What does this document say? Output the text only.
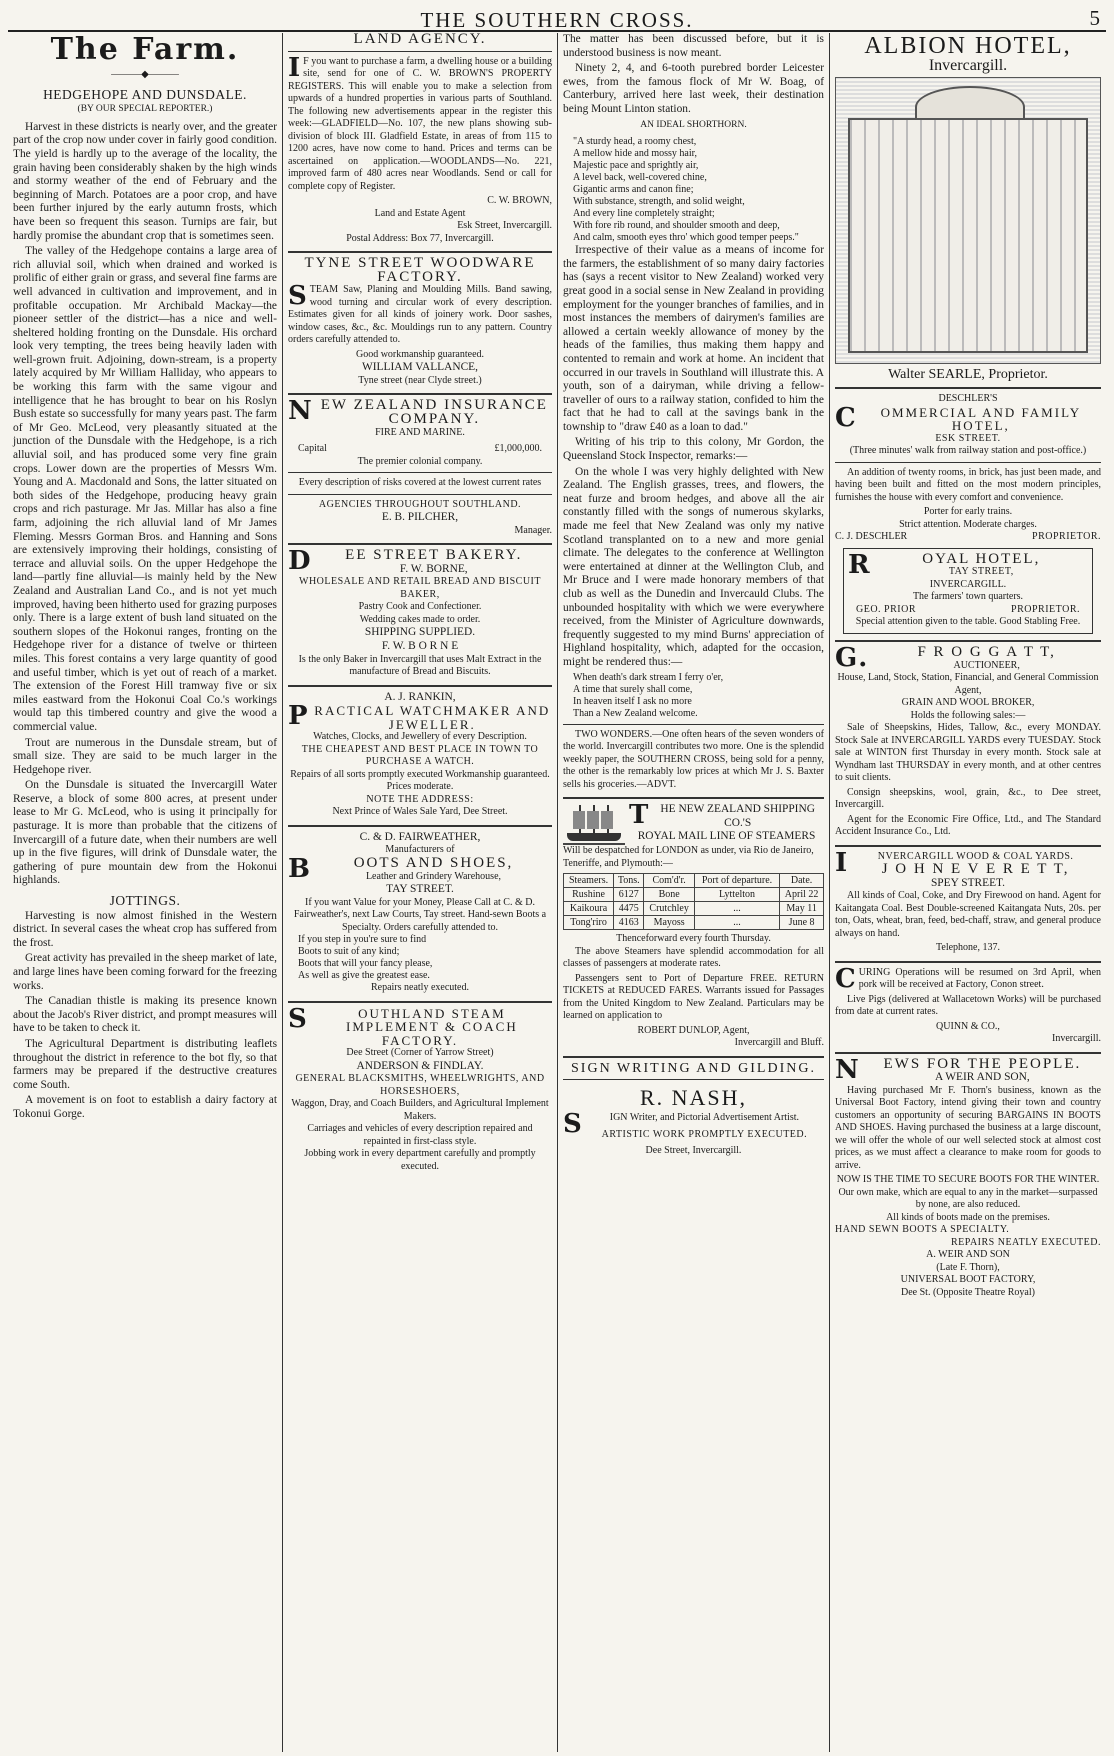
THE SOUTHERN CROSS.	5
The Farm.
———◆———
HEDGEHOPE AND DUNSDALE.
(BY OUR SPECIAL REPORTER.)

Harvest in these districts is nearly over, and the greater part of the crop now under cover in fairly good condition. The yield is hardly up to the average of the locality, the grain having been considerably shaken by the high winds and stormy weather of the end of February and the beginning of March. Potatoes are a poor crop, and have been further injured by the early autumn frosts, which have been so frequent this season. Turnips are fair, but hardly promise the abundant crop that is sometimes seen.

The valley of the Hedgehope contains a large area of rich alluvial soil, which when drained and worked is prolific of either grain or grass, and several fine farms are well advanced in cultivation and improvement, and in profitable occupation. Mr Archibald Mackay—the pioneer settler of the district—has a nice and well-sheltered holding fronting on the Dunsdale. His orchard look very tempting, the trees being heavily laden with well-grown fruit. Adjoining, down-stream, is a property lately acquired by Mr William Halliday, who appears to be working this farm with the same vigour and intelligence that he has brought to bear on his Roslyn Bush estate so successfully for many years past. The farm of Mr Geo. McLeod, very pleasantly situated at the junction of the Dunsdale with the Hedgehope, is a rich alluvial soil, and has produced some very fine grain crops. Lower down are the properties of Messrs Wm. Young and A. Macdonald and Sons, the latter situated on both sides of the Hedgehope, producing heavy grain crops and rich pasturage. Mr Jas. Millar has also a fine farm, adjoining the rich alluvial land of Mr James Fleming. Messrs Gorman Bros. and Hanning and Sons are extensively improving their holdings, consisting of terrace and alluvial soils. On the upper Hedgehope the land—partly fine alluvial—is mainly held by the New Zealand and Australian Land Co., and is not yet much improved, having been hitherto used for grazing purposes only. There is a large extent of bush land situated on the southern slopes of the Hokonui ranges, fronting on the Hedgehope river for a distance of twelve or thirteen miles. This forest contains a very large quantity of good and useful timber, which is yet out of reach of a market. The extension of the Forest Hill tramway five or six miles eastward from the Hokonui Coal Co.'s workings would tap this timbered country and give the wood a commercial value.

Trout are numerous in the Dunsdale stream, but of small size. They are said to be much larger in the Hedgehope river.

On the Dunsdale is situated the Invercargill Water Reserve, a block of some 800 acres, at present under lease to Mr G. McLeod, who is using it principally for pasturage. It is more than probable that the citizens of Invercargill of a future date, when their numbers are well up in the five figures, will drink of Dunsdale water, the gathering of pure mountain dew from the Hokonui highlands.

JOTTINGS.

Harvesting is now almost finished in the Western district. In several cases the wheat crop has suffered from the frost.

Great activity has prevailed in the sheep market of late, and large lines have been coming forward for the freezing works.

The Canadian thistle is making its presence known about the Jacob's River district, and prompt measures will have to be taken to check it.

The Agricultural Department is distributing leaflets throughout the district in reference to the bot fly, so that farmers may be prepared if the destructive creatures come South.

A movement is on foot to establish a dairy factory at Tokonui Gorge.

LAND AGENCY.

I F you want to purchase a farm, a dwelling house or a building site, send for one of C. W. BROWN'S PROPERTY REGISTERS. This will enable you to make a selection from upwards of a hundred properties in various parts of Southland. The following new advertisements appear in the register this week:—GLADFIELD—No. 107, the new plans showing sub-division of block III. Gladfield Estate, in areas of from 115 to 1200 acres, have now come to hand. Prices and terms can be ascertained on application.—WOODLANDS—No. 221, improved farm of 480 acres near Woodlands. Send or call for complete copy of Register.

C. W. BROWN,
Land and Estate Agent
Esk Street, Invercargill.
Postal Address: Box 77, Invercargill.
TYNE STREET WOODWARE FACTORY.

STEAM Saw, Planing and Moulding Mills. Band sawing, wood turning and circular work of every description. Estimates given for all kinds of joinery work. Door sashes, window cases, &c., &c. Mouldings run to any pattern. Country orders carefully attended to.

Good workmanship guaranteed.
WILLIAM VALLANCE,
Tyne street (near Clyde street.)
NEW ZEALAND INSURANCE COMPANY.
FIRE AND MARINE.
Capital	£1,000,000.
The premier colonial company.
Every description of risks covered at the lowest current rates
AGENCIES THROUGHOUT SOUTHLAND.
E. B. PILCHER,
Manager.
D EE STREET BAKERY.
F. W. BORNE,
WHOLESALE AND RETAIL BREAD AND BISCUIT BAKER,
Pastry Cook and Confectioner.
Wedding cakes made to order.
SHIPPING SUPPLIED.
F. W. B O R N E
Is the only Baker in Invercargill that uses Malt Extract in the manufacture of Bread and Biscuits.
A. J. RANKIN,
PRACTICAL WATCHMAKER AND JEWELLER.
Watches, Clocks, and Jewellery of every Description.
THE CHEAPEST AND BEST PLACE IN TOWN TO PURCHASE A WATCH.
Repairs of all sorts promptly executed Workmanship guaranteed. Prices moderate.
NOTE THE ADDRESS:
Next Prince of Wales Sale Yard, Dee Street.
C. & D. FAIRWEATHER,
Manufacturers of
B	OOTS AND SHOES,
Leather and Grindery Warehouse,
TAY STREET.
If you want Value for your Money, Please Call at C. & D. Fairweather's, next Law Courts, Tay street. Hand-sewn Boots a Specialty. Orders carefully attended to.
If you step in you're sure to find
Boots to suit of any kind;
Boots that will your fancy please,
As well as give the greatest ease.
Repairs neatly executed.
S	OUTHLAND STEAM IMPLEMENT & COACH FACTORY.
Dee Street (Corner of Yarrow Street)
ANDERSON & FINDLAY.
GENERAL BLACKSMITHS, WHEELWRIGHTS, AND HORSESHOERS,
Waggon, Dray, and Coach Builders, and Agricultural Implement Makers.
Carriages and vehicles of every description repaired and repainted in first-class style.
Jobbing work in every department carefully and promptly executed.

The matter has been discussed before, but it is understood business is now meant.

Ninety 2, 4, and 6-tooth purebred border Leicester ewes, from the famous flock of Mr W. Boag, of Canterbury, arrived here last week, their destination being Mount Linton station.

AN IDEAL SHORTHORN.
"A sturdy head, a roomy chest,
A mellow hide and mossy hair,
Majestic pace and sprightly air,
A level back, well-covered chine,
Gigantic arms and canon fine;
With substance, strength, and solid weight,
And every line completely straight;
With fore rib round, and shoulder smooth and deep,
And calm, smooth eyes thro' which good temper peeps."

Irrespective of their value as a means of income for the farmers, the establishment of so many dairy factories has (says a recent visitor to New Zealand) worked very great good in a social sense in New Zealand in providing employment for the younger branches of families, and in most instances the members of dairymen's families are allowed a certain weekly allowance of money by the heads of the families, thus making them happy and contented to remain and work at home. An incident that occurred in our travels in Southland will illustrate this. A youth, son of a dairyman, while driving a fellow-traveller of ours to a railway station, confided to him the fact that he had to call at the savings bank in the township to "draw £40 as a loan to dad."

Writing of his trip to this colony, Mr Gordon, the Queensland Stock Inspector, remarks:—

On the whole I was very highly delighted with New Zealand. The English grasses, trees, and flowers, the neat furze and broom hedges, and above all the air constantly filled with the songs of numerous skylarks, made me feel that New Zealand was only my native Scotland transplanted on to a new and more genial climate. The delegates to the conference at Wellington were entertained at dinner at the Wellington Club, and Mr Bruce and I were made honorary members of that club as well as the Dunedin and Invercauld Clubs. The unbounded hospitality with which we were everywhere received, from the Minister of Agriculture downwards, frequently suggested to my mind Burns' appreciation of Highland hospitality, which, adapted for the occasion, might be rendered thus:—

When death's dark stream I ferry o'er,
A time that surely shall come,
In heaven itself I ask no more
Than a New Zealand welcome.

TWO WONDERS.—One often hears of the seven wonders of the world. Invercargill contributes two more. One is the splendid weekly paper, the SOUTHERN CROSS, being sold for a penny, the other is the remarkably low prices at which Mr J. S. Baxter sells his groceries.—ADVT.

T HE NEW ZEALAND SHIPPING CO.'S
ROYAL MAIL LINE OF STEAMERS
Will be despatched for LONDON as under, via Rio de Janeiro, Teneriffe, and Plymouth:—
Steamers.	Tons.	Com'd'r.	Port of departure.	Date.
Rushine	6127	Bone	Lyttelton	April 22
Kaikoura	4475	Crutchley	...	May 11
Tong'riro	4163	Mayoss	...	June 8
Thenceforward every fourth Thursday.

The above Steamers have splendid accommodation for all classes of passengers at moderate rates.

Passengers sent to Port of Departure FREE. RETURN TICKETS at REDUCED FARES. Warrants issued for Passages from the United Kingdom to New Zealand. Particulars may be learned on application to

ROBERT DUNLOP, Agent,
Invercargill and Bluff.
SIGN WRITING AND GILDING.
R. NASH,
S	IGN Writer, and Pictorial Advertisement Artist.
ARTISTIC WORK PROMPTLY EXECUTED.
Dee Street, Invercargill.
ALBION HOTEL,
Invercargill.
Walter SEARLE, Proprietor.
DESCHLER'S
C OMMERCIAL AND FAMILY HOTEL,
ESK STREET.
(Three minutes' walk from railway station and post-office.)

An addition of twenty rooms, in brick, has just been made, and having been built and fitted on the most modern principles, furnishes the house with every comfort and convenience.

Porter for early trains.
Strict attention. Moderate charges.
C. J. DESCHLER	PROPRIETOR.
R	OYAL HOTEL,
TAY STREET,
INVERCARGILL.
The farmers' town quarters.
GEO. PRIOR	PROPRIETOR.
Special attention given to the table. Good Stabling Free.
G.	F R O G G A T T,
AUCTIONEER,
House, Land, Stock, Station, Financial, and General Commission Agent,
GRAIN AND WOOL BROKER,
Holds the following sales:—

Sale of Sheepskins, Hides, Tallow, &c., every MONDAY. Stock Sale at INVERCARGILL YARDS every TUESDAY. Stock sale at WINTON first Thursday in every month. Stock sale at Wyndham last THURSDAY in every month, and at other centres to suit clients.

Consign sheepskins, wool, grain, &c., to Dee street, Invercargill.

Agent for the Economic Fire Office, Ltd., and The Standard Accident Insurance Co., Ltd.

I	NVERCARGILL WOOD & COAL YARDS.
J O H N E V E R E T T,
SPEY STREET.

All kinds of Coal, Coke, and Dry Firewood on hand. Agent for Kaitangata Coal. Best Double-screened Kaitangata Nuts, 20s. per ton, Oats, wheat, bran, feed, bed-chaff, straw, and general produce always on hand.

Telephone, 137.

CURING Operations will be resumed on 3rd April, when pork will be received at Factory, Conon street.

Live Pigs (delivered at Wallacetown Works) will be purchased from date at current rates.

QUINN & CO.,
Invercargill.
N EWS FOR THE PEOPLE.
A WEIR AND SON,

Having purchased Mr F. Thorn's business, known as the Universal Boot Factory, intend giving their town and country customers an opportunity of securing BARGAINS IN BOOTS AND SHOES. Having purchased the business at a large discount, we will offer the whole of our well selected stock at almost cost prices, as we must affect a clearance to make room for goods to arrive.

NOW IS THE TIME TO SECURE BOOTS FOR THE WINTER.
Our own make, which are equal to any in the market—surpassed by none, are also reduced.
All kinds of boots made on the premises.
HAND SEWN BOOTS A SPECIALTY.
REPAIRS NEATLY EXECUTED.
A. WEIR AND SON
(Late F. Thorn),
UNIVERSAL BOOT FACTORY,
Dee St. (Opposite Theatre Royal)
